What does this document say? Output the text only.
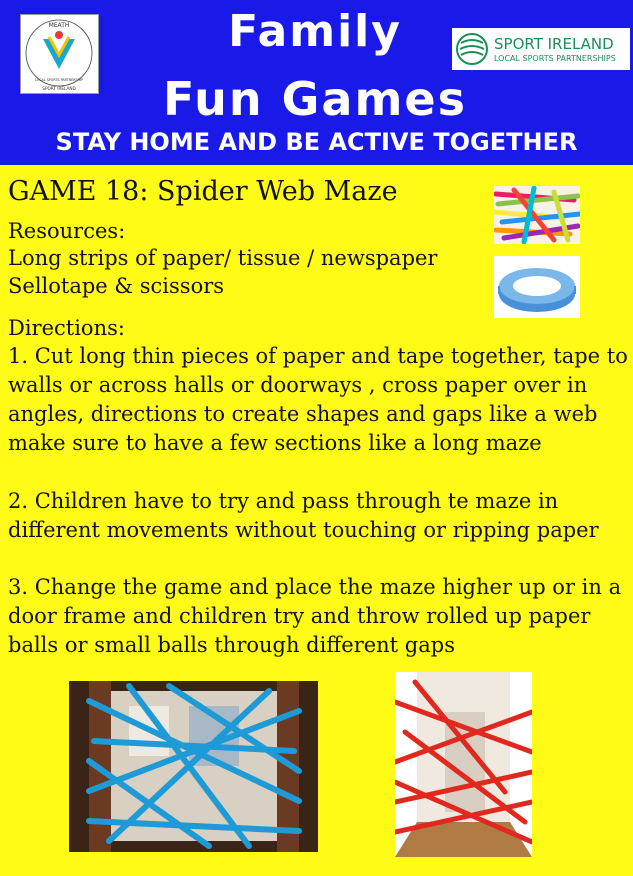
MEATH
LOCAL SPORTS PARTNERSHIP
SPORT IRELAND
Family
Fun Games
SPORT IRELAND
LOCAL SPORTS PARTNERSHIPS
STAY HOME AND BE ACTIVE TOGETHER
GAME 18: Spider Web Maze
Resources:
Long strips of paper/ tissue / newspaper
Sellotape & scissors
Directions:
1. Cut long thin pieces of paper and tape together, tape to
walls or across halls or doorways , cross paper over in
angles, directions to create shapes and gaps like a web
make sure to have a few sections like a long maze
2. Children have to try and pass through te maze in
different movements without touching or ripping paper
3. Change the game and place the maze higher up or in a
door frame and children try and throw rolled up paper
balls or small balls through different gaps
